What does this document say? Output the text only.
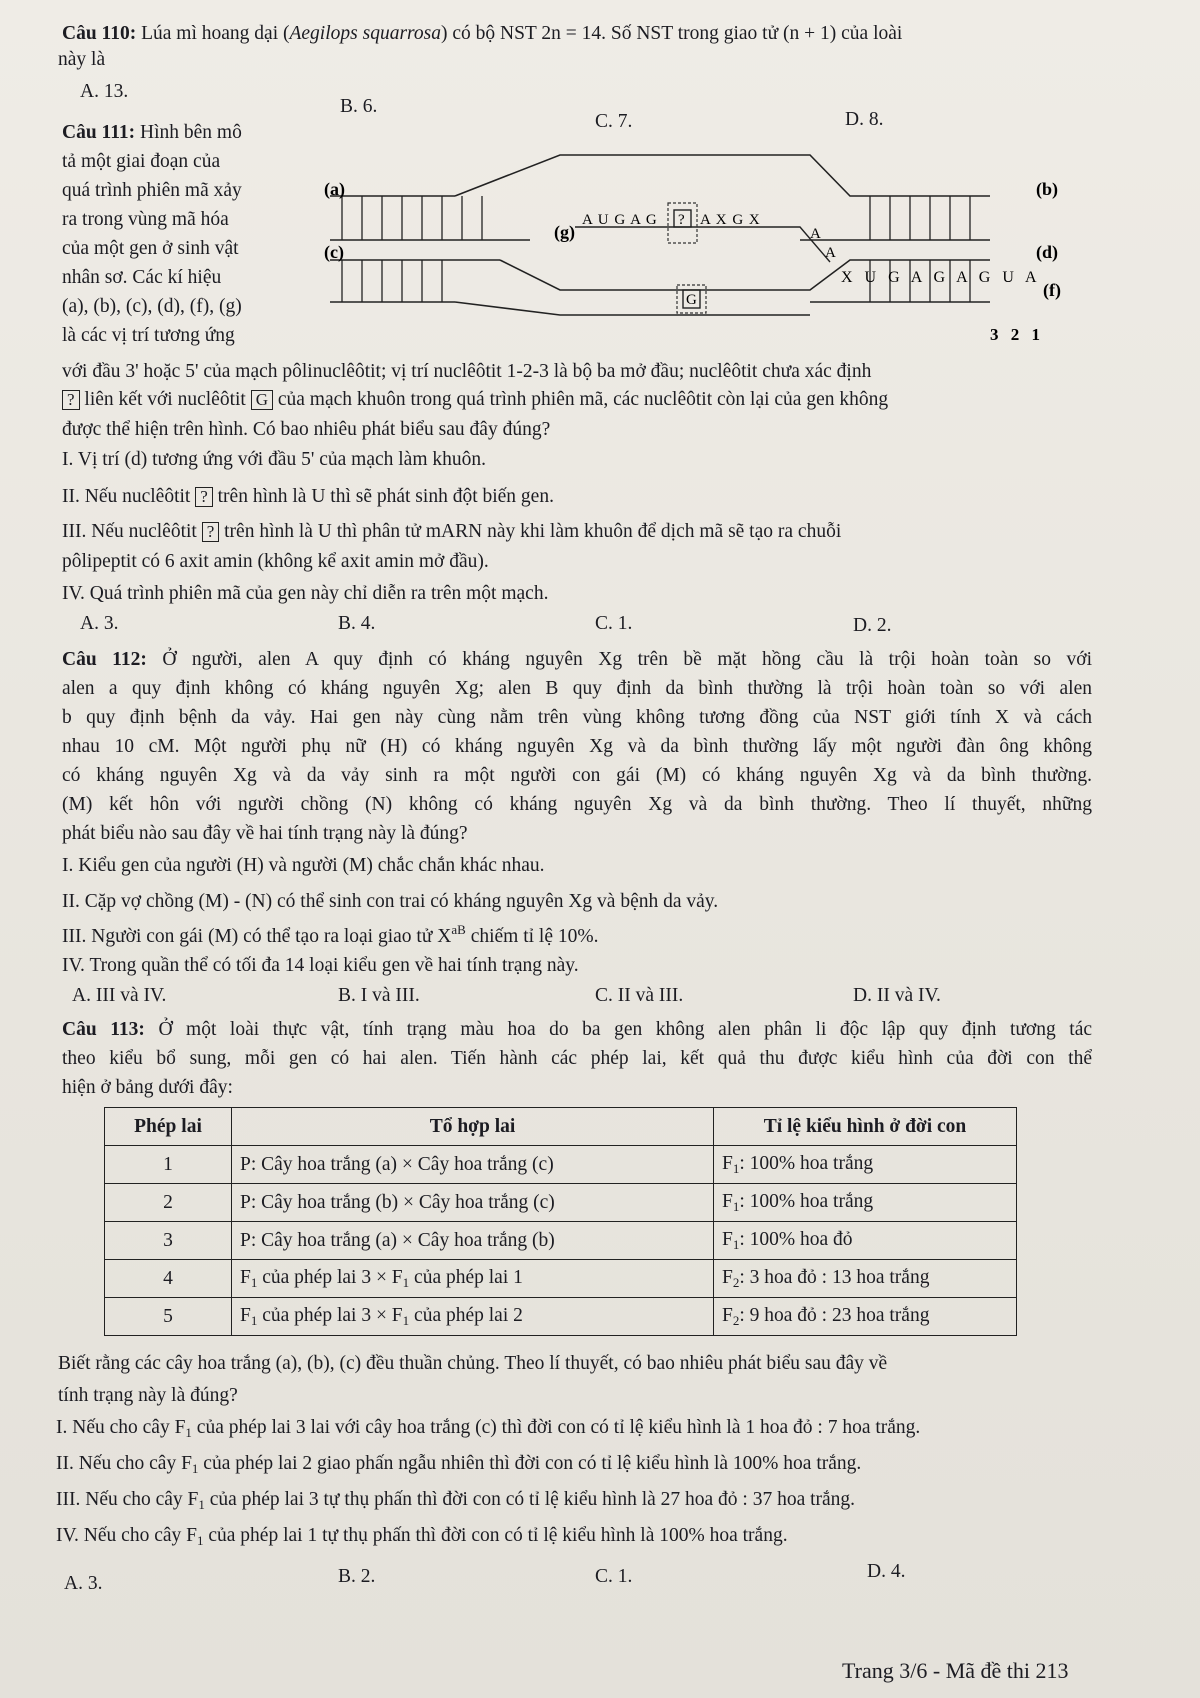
Câu 110: Lúa mì hoang dại (Aegilops squarrosa) có bộ NST 2n = 14. Số NST trong giao tử (n + 1) của loài
này là
A. 13.
B. 6.
C. 7.	D. 8.
Câu 111: Hình bên mô
tả một giai đoạn của
quá trình phiên mã xảy
ra trong vùng mã hóa
của một gen ở sinh vật
nhân sơ. Các kí hiệu
(a), (b), (c), (d), (f), (g)
là các vị trí tương ứng
(a)
(c)
(b)
(d)
(g)
(f)
A U G A G ? A X G X
A
A
X U G A G A G U A
G
3 2 1
với đầu 3' hoặc 5' của mạch pôlinuclêôtit; vị trí nuclêôtit 1-2-3 là bộ ba mở đầu; nuclêôtit chưa xác định
? liên kết với nuclêôtit G của mạch khuôn trong quá trình phiên mã, các nuclêôtit còn lại của gen không
được thể hiện trên hình. Có bao nhiêu phát biểu sau đây đúng?
I. Vị trí (d) tương ứng với đầu 5' của mạch làm khuôn.
II. Nếu nuclêôtit ? trên hình là U thì sẽ phát sinh đột biến gen.
III. Nếu nuclêôtit ? trên hình là U thì phân tử mARN này khi làm khuôn để dịch mã sẽ tạo ra chuỗi
pôlipeptit có 6 axit amin (không kể axit amin mở đầu).
IV. Quá trình phiên mã của gen này chỉ diễn ra trên một mạch.
A. 3.	B. 4.	C. 1.	D. 2.
Câu 112: Ở người, alen A quy định có kháng nguyên Xg trên bề mặt hồng cầu là trội hoàn toàn so với
alen a quy định không có kháng nguyên Xg; alen B quy định da bình thường là trội hoàn toàn so với alen
b quy định bệnh da vảy. Hai gen này cùng nằm trên vùng không tương đồng của NST giới tính X và cách
nhau 10 cM. Một người phụ nữ (H) có kháng nguyên Xg và da bình thường lấy một người đàn ông không
có kháng nguyên Xg và da vảy sinh ra một người con gái (M) có kháng nguyên Xg và da bình thường.
(M) kết hôn với người chồng (N) không có kháng nguyên Xg và da bình thường. Theo lí thuyết, những
phát biểu nào sau đây về hai tính trạng này là đúng?
I. Kiểu gen của người (H) và người (M) chắc chắn khác nhau.
II. Cặp vợ chồng (M) - (N) có thể sinh con trai có kháng nguyên Xg và bệnh da vảy.
III. Người con gái (M) có thể tạo ra loại giao tử $X^{aB}$ chiếm tỉ lệ 10%.
IV. Trong quần thể có tối đa 14 loại kiểu gen về hai tính trạng này.
A. III và IV.	B. I và III.	C. II và III.	D. II và IV.
Câu 113: Ở một loài thực vật, tính trạng màu hoa do ba gen không alen phân li độc lập quy định tương tác
theo kiểu bổ sung, mỗi gen có hai alen. Tiến hành các phép lai, kết quả thu được kiểu hình của đời con thể
hiện ở bảng dưới đây:
Phép lai	Tổ hợp lai	Tỉ lệ kiểu hình ở đời con
1	P: Cây hoa trắng (a) × Cây hoa trắng (c)	$F_1$: 100% hoa trắng
2	P: Cây hoa trắng (b) × Cây hoa trắng (c)	$F_1$: 100% hoa trắng
3	P: Cây hoa trắng (a) × Cây hoa trắng (b)	$F_1$: 100% hoa đỏ
4	$F_1$ của phép lai $3 \times F_1$ của phép lai 1	$F_2$: 3 hoa đỏ : 13 hoa trắng
5	$F_1$ của phép lai $3 \times F_1$ của phép lai 2	$F_2$: 9 hoa đỏ : 23 hoa trắng
Biết rằng các cây hoa trắng (a), (b), (c) đều thuần chủng. Theo lí thuyết, có bao nhiêu phát biểu sau đây về
tính trạng này là đúng?
I. Nếu cho cây $F_1$ của phép lai 3 lai với cây hoa trắng (c) thì đời con có tỉ lệ kiểu hình là 1 hoa đỏ : 7 hoa trắng.
II. Nếu cho cây $F_1$ của phép lai 2 giao phấn ngẫu nhiên thì đời con có tỉ lệ kiểu hình là 100% hoa trắng.
III. Nếu cho cây $F_1$ của phép lai 3 tự thụ phấn thì đời con có tỉ lệ kiểu hình là 27 hoa đỏ : 37 hoa trắng.
IV. Nếu cho cây $F_1$ của phép lai 1 tự thụ phấn thì đời con có tỉ lệ kiểu hình là 100% hoa trắng.
A. 3.	B. 2.	C. 1.	D. 4.
Trang 3/6 - Mã đề thi 213
